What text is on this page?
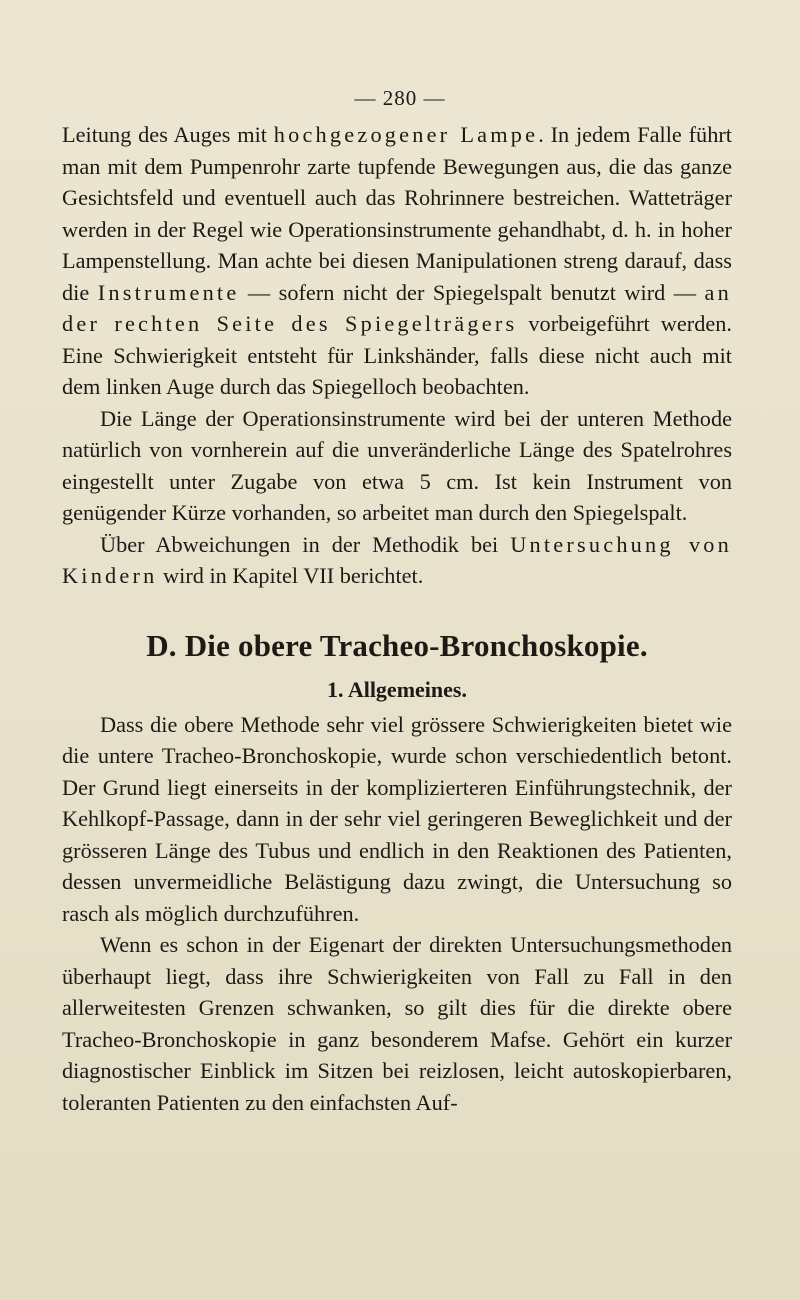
— 280 —

Leitung des Auges mit hochgezogener Lampe. In jedem Falle führt man mit dem Pumpenrohr zarte tupfende Bewegungen aus, die das ganze Gesichtsfeld und eventuell auch das Rohrinnere bestreichen. Watteträger werden in der Regel wie Operationsinstrumente gehandhabt, d. h. in hoher Lampenstellung. Man achte bei diesen Manipulationen streng darauf, dass die Instrumente — sofern nicht der Spiegelspalt benutzt wird — an der rechten Seite des Spiegelträgers vorbeigeführt werden. Eine Schwierigkeit entsteht für Linkshänder, falls diese nicht auch mit dem linken Auge durch das Spiegelloch beobachten.

Die Länge der Operationsinstrumente wird bei der unteren Methode natürlich von vornherein auf die unveränderliche Länge des Spatelrohres eingestellt unter Zugabe von etwa 5 cm. Ist kein Instrument von genügender Kürze vorhanden, so arbeitet man durch den Spiegelspalt.

Über Abweichungen in der Methodik bei Untersuchung von Kindern wird in Kapitel VII berichtet.

D. Die obere Tracheo-Bronchoskopie.
1. Allgemeines.

Dass die obere Methode sehr viel grössere Schwierigkeiten bietet wie die untere Tracheo-Bronchoskopie, wurde schon verschiedentlich betont. Der Grund liegt einerseits in der komplizierteren Einführungstechnik, der Kehlkopf-Passage, dann in der sehr viel geringeren Beweglichkeit und der grösseren Länge des Tubus und endlich in den Reaktionen des Patienten, dessen unvermeidliche Belästigung dazu zwingt, die Untersuchung so rasch als möglich durchzuführen.

Wenn es schon in der Eigenart der direkten Untersuchungsmethoden überhaupt liegt, dass ihre Schwierigkeiten von Fall zu Fall in den allerweitesten Grenzen schwanken, so gilt dies für die direkte obere Tracheo-Bronchoskopie in ganz besonderem Mafse. Gehört ein kurzer diagnostischer Einblick im Sitzen bei reizlosen, leicht autoskopierbaren, toleranten Patienten zu den einfachsten Auf-
